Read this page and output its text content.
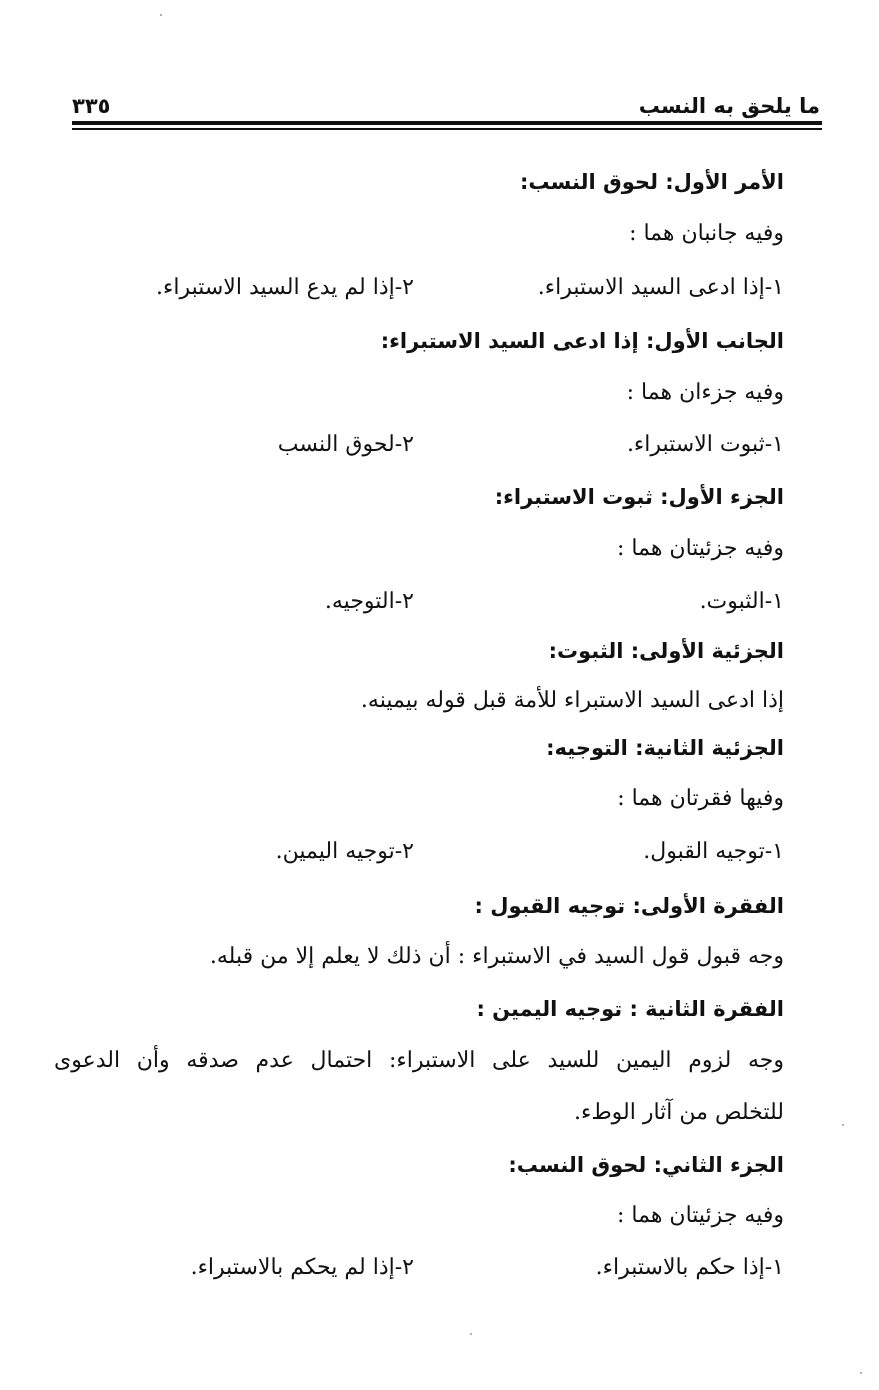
ما يلحق به النسب
٣٣٥
الأمر الأول: لحوق النسب:
وفيه جانبان هما :
١-إذا ادعى السيد الاستبراء.
٢-إذا لم يدع السيد الاستبراء.
الجانب الأول: إذا ادعى السيد الاستبراء:
وفيه جزءان هما :
١-ثبوت الاستبراء.
٢-لحوق النسب
الجزء الأول: ثبوت الاستبراء:
وفيه جزئيتان هما :
١-الثبوت.
٢-التوجيه.
الجزئية الأولى: الثبوت:
إذا ادعى السيد الاستبراء للأمة قبل قوله بيمينه.
الجزئية الثانية: التوجيه:
وفيها فقرتان هما :
١-توجيه القبول.
٢-توجيه اليمين.
الفقرة الأولى: توجيه القبول :
وجه قبول قول السيد في الاستبراء : أن ذلك لا يعلم إلا من قبله.
الفقرة الثانية : توجيه اليمين :
وجه لزوم اليمين للسيد على الاستبراء: احتمال عدم صدقه وأن الدعوى
للتخلص من آثار الوطء.
الجزء الثاني: لحوق النسب:
وفيه جزئيتان هما :
١-إذا حكم بالاستبراء.
٢-إذا لم يحكم بالاستبراء.
